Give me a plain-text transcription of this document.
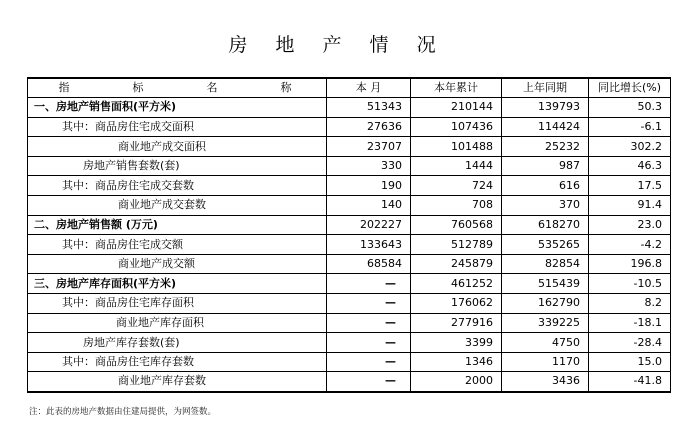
房 地 产 情 况
指　标　名　称	本 月	本年累计	上年同期	同比增长(%)
一、房地产销售面积(平方米)	51343	210144	139793	50.3
其中：商品房住宅成交面积	27636	107436	114424	-6.1
商业地产成交面积	23707	101488	25232	302.2
房地产销售套数(套)	330	1444	987	46.3
其中：商品房住宅成交套数	190	724	616	17.5
商业地产成交套数	140	708	370	91.4
二、房地产销售额 (万元)	202227	760568	618270	23.0
其中：商品房住宅成交额	133643	512789	535265	-4.2
商业地产成交额	68584	245879	82854	196.8
三、房地产库存面积(平方米)	—	461252	515439	-10.5
其中：商品房住宅库存面积	—	176062	162790	8.2
商业地产库存面积	—	277916	339225	-18.1
房地产库存套数(套)	—	3399	4750	-28.4
其中：商品房住宅库存套数	—	1346	1170	15.0
商业地产库存套数	—	2000	3436	-41.8
注：此表的房地产数据由住建局提供，为网签数。
